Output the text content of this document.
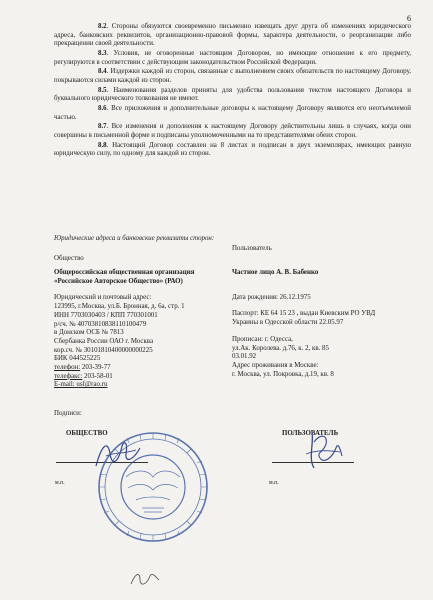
6

8.2. Стороны обязуются своевременно письменно извещать друг друга об изменениях юридического адреса, банковских реквизитов, организационно-правовой формы, характера деятельности, о реорганизации либо прекращении своей деятельности.

8.3. Условия, не оговоренные настоящим Договором, но имеющие отношение к его предмету, регулируются в соответствии с действующим законодательством Российской Федерации.

8.4. Издержки каждой из сторон, связанные с выполнением своих обязательств по настоящему Договору, покрываются силами каждой из сторон.

8.5. Наименования разделов приняты для удобства пользования текстом настоящего Договора и буквального юридического толкования не имеют.

8.6. Все приложения и дополнительные договоры к настоящему Договору являются его неотъемлемой частью.

8.7. Все изменения и дополнения к настоящему Договору действительны лишь в случаях, когда они совершены в письменной форме и подписаны уполномоченными на то представителями обеих сторон.

8.8. Настоящий Договор составлен на 8 листах и подписан в двух экземплярах, имеющих равную юридическую силу, по одному для каждой из сторон.

Юридические адреса и банковские реквизиты сторон:
Пользователь
Общество
Общероссийская общественная организация
«Российское Авторское Общество» (РАО)
Юридический и почтовый адрес:
123995, г.Москва, ул.Б. Бронная, д. 6а, стр. 1
ИНН 7703030403 / КПП 770301001
р/сч. № 40703810838110100479
в Донском ОСБ № 7813
Сбербанка России ОАО г. Москва
кор.сч. № 30101810400000000225
БИК 044525225
телефон: 203-39-77
телефакс: 203-58-01
E-mail: usf@rao.ru
Частное лицо А. В. Бабенко
Дата рождения: 26.12.1975
Паспорт: КЕ 64 15 23 , выдан Киевским РО УВД
Украины в Одесской области 22.05.97
Прописан: г. Одесса,
ул.Ак. Королева. д.76, к. 2, кв. 85
03.01.92
Адрес проживания в Москве:
г. Москва, ул. Покровка, д.19, кв. 8
Подписи:
ОБЩЕСТВО	ПОЛЬЗОВАТЕЛЬ
м.п.	м.п.
